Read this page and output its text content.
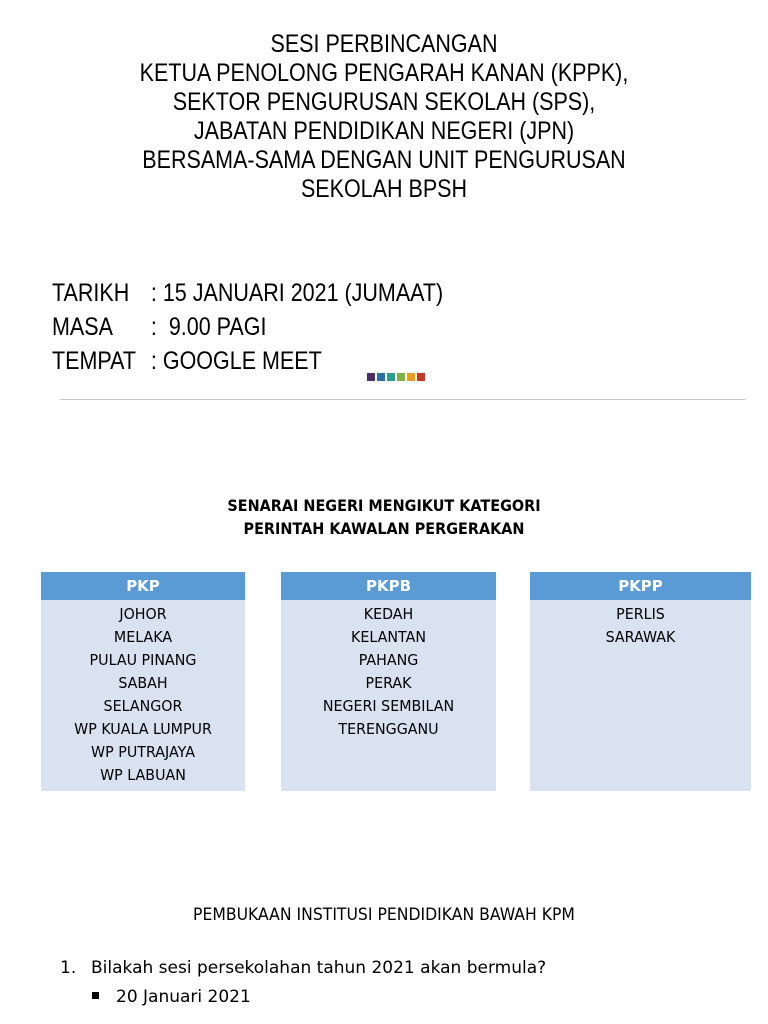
SESI PERBINCANGAN
KETUA PENOLONG PENGARAH KANAN (KPPK),
SEKTOR PENGURUSAN SEKOLAH (SPS),
JABATAN PENDIDIKAN NEGERI (JPN)
BERSAMA-SAMA DENGAN UNIT PENGURUSAN
SEKOLAH BPSH
TARIKH : 15 JANUARI 2021 (JUMAAT)
MASA	:  9.00 PAGI
TEMPAT : GOOGLE MEET
SENARAI NEGERI MENGIKUT KATEGORI
PERINTAH KAWALAN PERGERAKAN
PKP
JOHOR
MELAKA
PULAU PINANG
SABAH
SELANGOR
WP KUALA LUMPUR
WP PUTRAJAYA
WP LABUAN
PKPB
KEDAH
KELANTAN
PAHANG
PERAK
NEGERI SEMBILAN
TERENGGANU
PKPP
PERLIS
SARAWAK
PEMBUKAAN INSTITUSI PENDIDIKAN BAWAH KPM
1. Bilakah sesi persekolahan tahun 2021 akan bermula?
20 Januari 2021
